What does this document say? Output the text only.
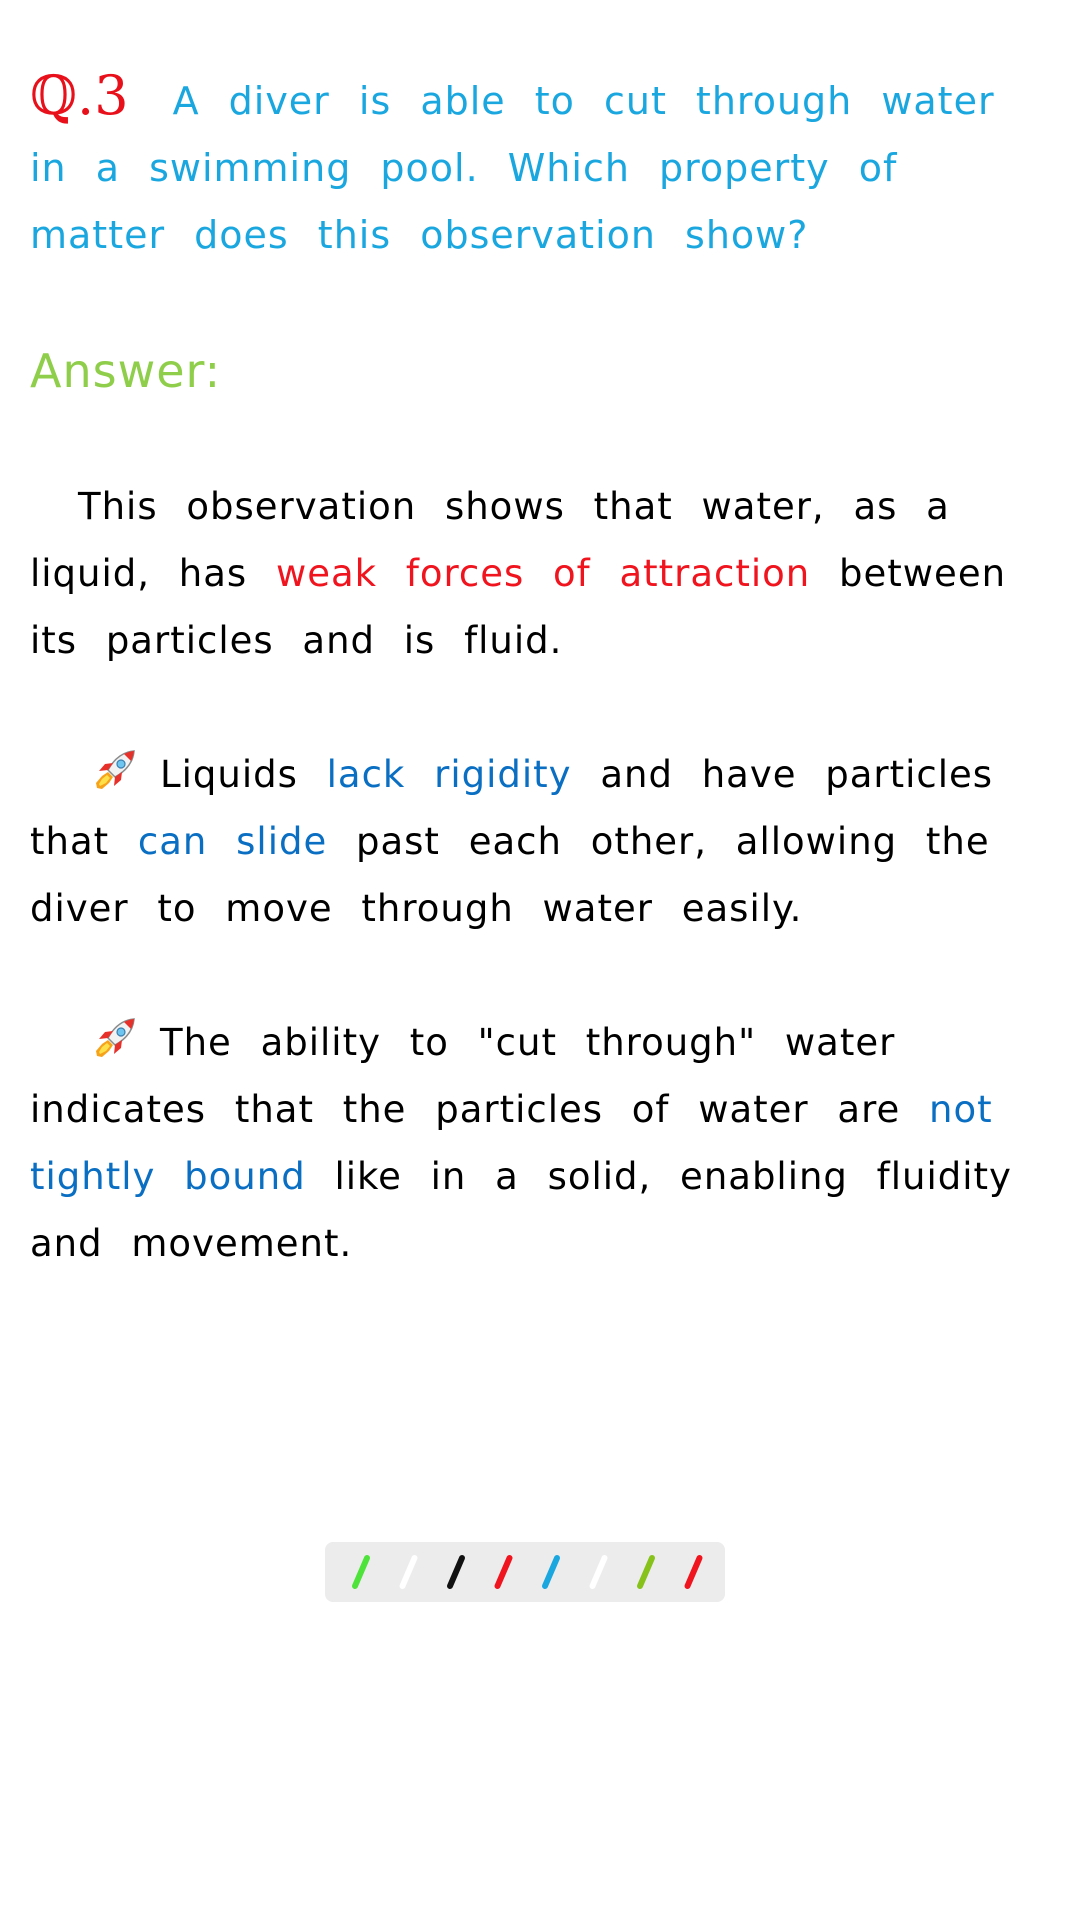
ℚ.3 A diver is able to cut through water in a swimming pool. Which property of matter does this observation show?

Answer:

This observation shows that water, as a liquid, has weak forces of attraction between its particles and is fluid.

Liquids lack rigidity and have particles that can slide past each other, allowing the diver to move through water easily.

The ability to "cut through" water indicates that the particles of water are not tightly bound like in a solid, enabling fluidity and movement.
